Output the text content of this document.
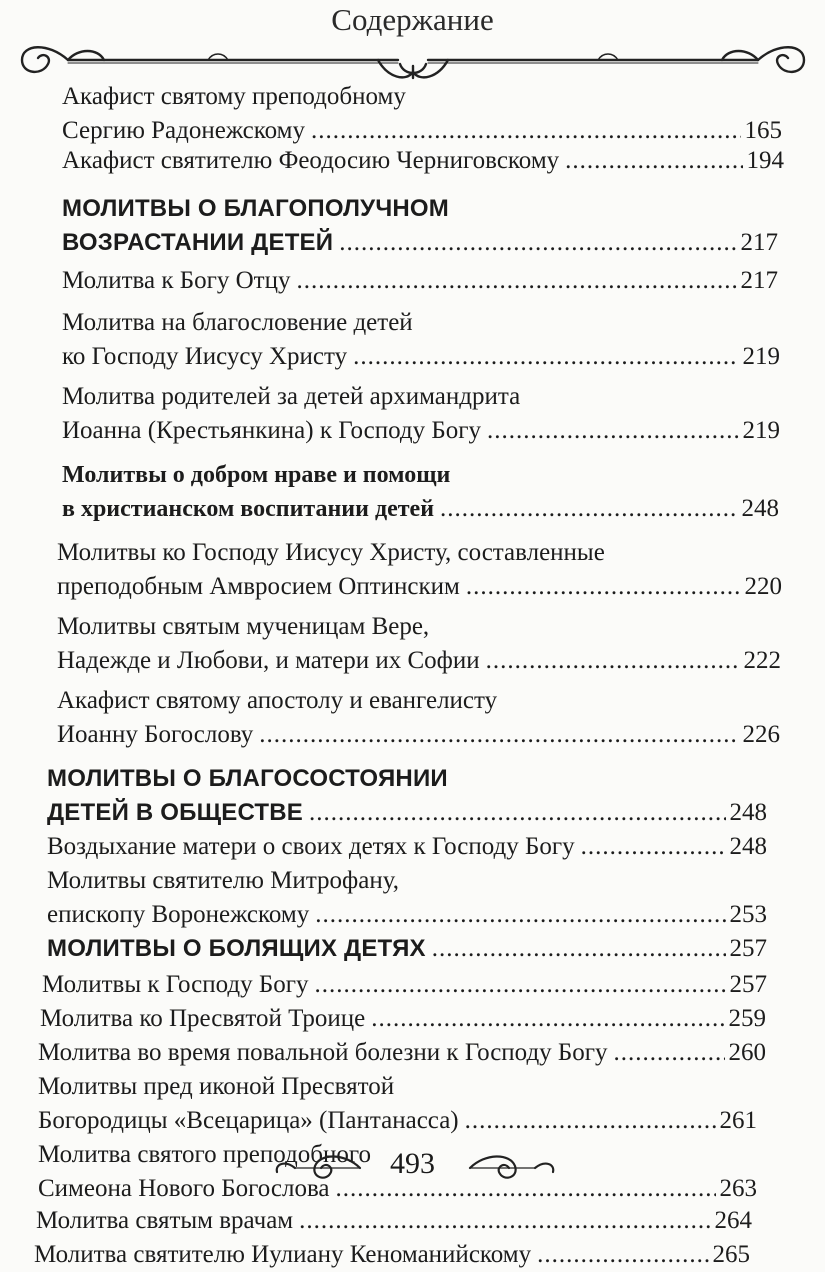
Содержание
Акафист святому преподобному
Сергию Радонежскому .....	165
Акафист святителю Феодосию Черниговскому .....	194
МОЛИТВЫ О БЛАГОПОЛУЧНОМ
ВОЗРАСТАНИИ ДЕТЕЙ .....	217
Молитва к Богу Отцу .....	217
Молитва на благословение детей
ко Господу Иисусу Христу .....	219
Молитва родителей за детей архимандрита
Иоанна (Крестьянкина) к Господу Богу .....	219
Молитвы о добром нраве и помощи
в христианском воспитании детей .....	248
Молитвы ко Господу Иисусу Христу, составленные
преподобным Амвросием Оптинским .....	220
Молитвы святым мученицам Вере,
Надежде и Любови, и матери их Софии .....	222
Акафист святому апостолу и евангелисту
Иоанну Богослову .....	226
МОЛИТВЫ О БЛАГОСОСТОЯНИИ
ДЕТЕЙ В ОБЩЕСТВЕ .....	248
Воздыхание матери о своих детях к Господу Богу .....	248
Молитвы святителю Митрофану,
епископу Воронежскому .....	253
МОЛИТВЫ О БОЛЯЩИХ ДЕТЯХ .....	257
Молитвы к Господу Богу .....	257
Молитва ко Пресвятой Троице .....	259
Молитва во время повальной болезни к Господу Богу .....	260
Молитвы пред иконой Пресвятой
Богородицы «Всецарица» (Пантанасса) .....	261
Молитва святого преподобного
Симеона Нового Богослова .....	263
Молитва святым врачам .....	264
Молитва святителю Иулиану Кеноманийскому .....	265
493
